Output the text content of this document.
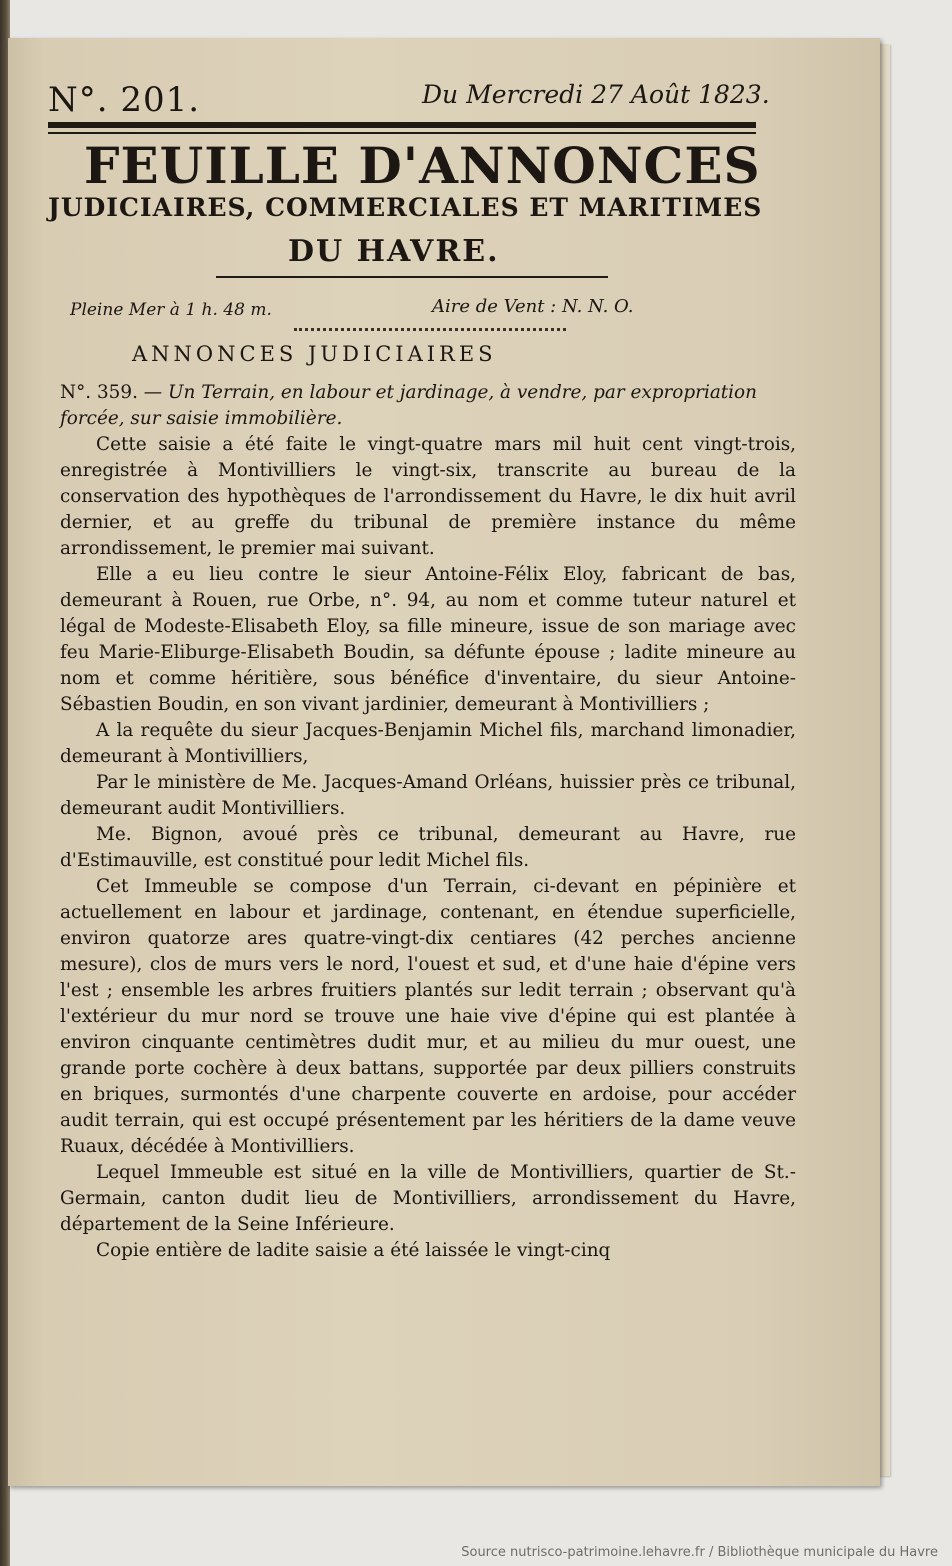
N°. 201.	Du Mercredi 27 Août 1823.
FEUILLE D'ANNONCES
JUDICIAIRES, COMMERCIALES ET MARITIMES
DU HAVRE.
Pleine Mer à 1 h. 48 m.	Aire de Vent : N. N. O.
ANNONCES JUDICIAIRES
N°. 359. — Un Terrain, en labour et jardinage, à vendre, par expropriation forcée, sur saisie immobilière.

Cette saisie a été faite le vingt-quatre mars mil huit cent vingt-trois, enregistrée à Montivilliers le vingt-six, transcrite au bureau de la conservation des hypothèques de l'arrondissement du Havre, le dix huit avril dernier, et au greffe du tribunal de première instance du même arrondissement, le premier mai suivant.

Elle a eu lieu contre le sieur Antoine-Félix Eloy, fabricant de bas, demeurant à Rouen, rue Orbe, n°. 94, au nom et comme tuteur naturel et légal de Modeste-Elisabeth Eloy, sa fille mineure, issue de son mariage avec feu Marie-Eliburge-Elisabeth Boudin, sa défunte épouse ; ladite mineure au nom et comme héritière, sous bénéfice d'inventaire, du sieur Antoine-Sébastien Boudin, en son vivant jardinier, demeurant à Montivilliers ;

A la requête du sieur Jacques-Benjamin Michel fils, marchand limonadier, demeurant à Montivilliers,

Par le ministère de Me. Jacques-Amand Orléans, huissier près ce tribunal, demeurant audit Montivilliers.

Me. Bignon, avoué près ce tribunal, demeurant au Havre, rue d'Estimauville, est constitué pour ledit Michel fils.

Cet Immeuble se compose d'un Terrain, ci-devant en pépinière et actuellement en labour et jardinage, contenant, en étendue superficielle, environ quatorze ares quatre-vingt-dix centiares (42 perches ancienne mesure), clos de murs vers le nord, l'ouest et sud, et d'une haie d'épine vers l'est ; ensemble les arbres fruitiers plantés sur ledit terrain ; observant qu'à l'extérieur du mur nord se trouve une haie vive d'épine qui est plantée à environ cinquante centimètres dudit mur, et au milieu du mur ouest, une grande porte cochère à deux battans, supportée par deux pilliers construits en briques, surmontés d'une charpente couverte en ardoise, pour accéder audit terrain, qui est occupé présentement par les héritiers de la dame veuve Ruaux, décédée à Montivilliers.

Lequel Immeuble est situé en la ville de Montivilliers, quartier de St.-Germain, canton dudit lieu de Montivilliers, arrondissement du Havre, département de la Seine Inférieure.

Copie entière de ladite saisie a été laissée le vingt-cinq

Source nutrisco-patrimoine.lehavre.fr / Bibliothèque municipale du Havre
